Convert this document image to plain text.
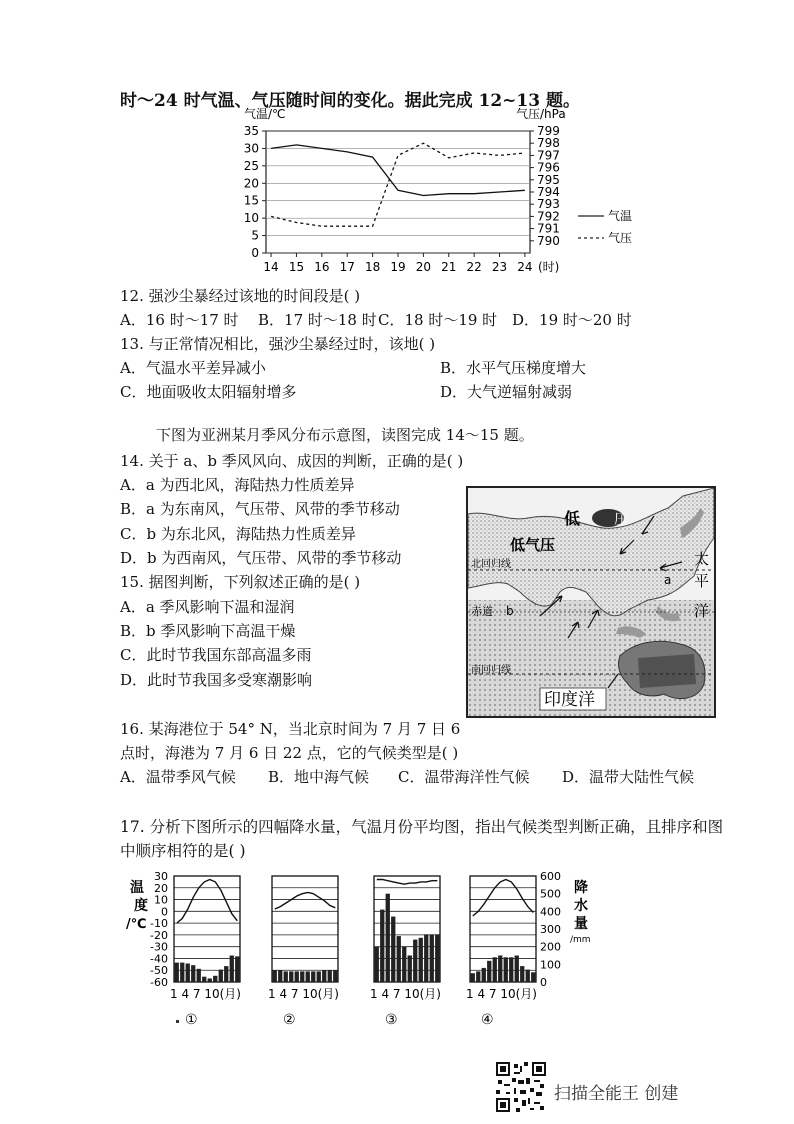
时～24 时气温、气压随时间的变化。据此完成 12~13 题。
气温/℃	气压/hPa
0
5
10
15
20
25
30
35
790
791
792
793
794
795
796
797
798
799
14 15 16 17 18 19 20 21 22 23 24 (时)
气温
气压
12. 强沙尘暴经过该地的时间段是( )
A．16 时～17 时 B．17 时～18 时 C．18 时～19 时 D．19 时～20 时
13. 与正常情况相比，强沙尘暴经过时，该地( )
A．气温水平差异减小	B．水平气压梯度增大
C．地面吸收太阳辐射增多	D．大气逆辐射减弱
下图为亚洲某月季风分布示意图，读图完成 14～15 题。
14. 关于 a、b 季风风向、成因的判断，正确的是( )
A．a 为西北风，海陆热力性质差异
B．a 为东南风，气压带、风带的季节移动
C．b 为东北风，海陆热力性质差异
D．b 为西南风，气压带、风带的季节移动
15. 据图判断，下列叙述正确的是( )
A．a 季风影响下温和湿润
B．b 季风影响下高温干燥
C．此时节我国东部高温多雨
D．此时节我国多受寒潮影响
低 压
低气压
北回归线
赤道
南回归线
a
b
太
平
洋
印度洋
16. 某海港位于 54° N，当北京时间为 7 月 7 日 6
点时，海港为 7 月 6 日 22 点，它的气候类型是( )
A．温带季风气候 B．地中海气候 C．温带海洋性气候 D．温带大陆性气候
17. 分析下图所示的四幅降水量，气温月份平均图，指出气候类型判断正确，且排序和图
中顺序相符的是( )
温
度
/℃
降
水
量
/mm
30
20
10
0
-10
-20
-30
-40
-50
-60
600
500
400
300
200
100
0
1 4 7 10(月)
①
1 4 7 10(月)
②
1 4 7 10(月)
③
1 4 7 10(月)
④
扫描全能王 创建
